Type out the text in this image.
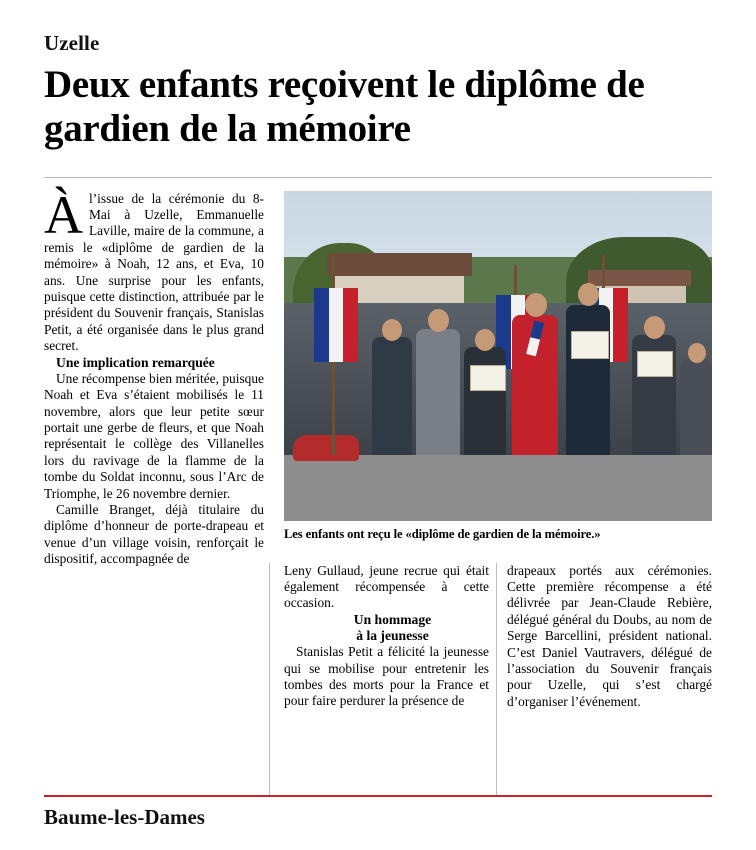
Uzelle
Deux enfants reçoivent le diplôme de gardien de la mémoire

Àl’issue de la cérémonie du 8-Mai à Uzelle, Emmanuelle Laville, maire de la commune, a remis le «diplôme de gardien de la mémoire» à Noah, 12 ans, et Eva, 10 ans. Une surprise pour les enfants, puisque cette distinction, attribuée par le président du Souvenir français, Stanislas Petit, a été organisée dans le plus grand secret.

Une implication remarquée

Une récompense bien méritée, puisque Noah et Eva s’étaient mobilisés le 11 novembre, alors que leur petite sœur portait une gerbe de fleurs, et que Noah représentait le collège des Villanelles lors du ravivage de la flamme de la tombe du Soldat inconnu, sous l’Arc de Triomphe, le 26 novembre dernier.

Camille Branget, déjà titulaire du diplôme d’honneur de porte-drapeau et venue d’un village voisin, renforçait le dispositif, accompagnée de

Les enfants ont reçu le «diplôme de gardien de la mémoire.»

Leny Gullaud, jeune recrue qui était également récompensée à cette occasion.

Un hommage

à la jeunesse

Stanislas Petit a félicité la jeunesse qui se mobilise pour entretenir les tombes des morts pour la France et pour faire perdurer la présence de

drapeaux portés aux cérémonies. Cette première récompense a été délivrée par Jean-Claude Rebière, délégué général du Doubs, au nom de Serge Barcellini, président national. C’est Daniel Vautravers, délégué de l’association du Souvenir français pour Uzelle, qui s’est chargé d’organiser l’événement.

Baume-les-Dames
